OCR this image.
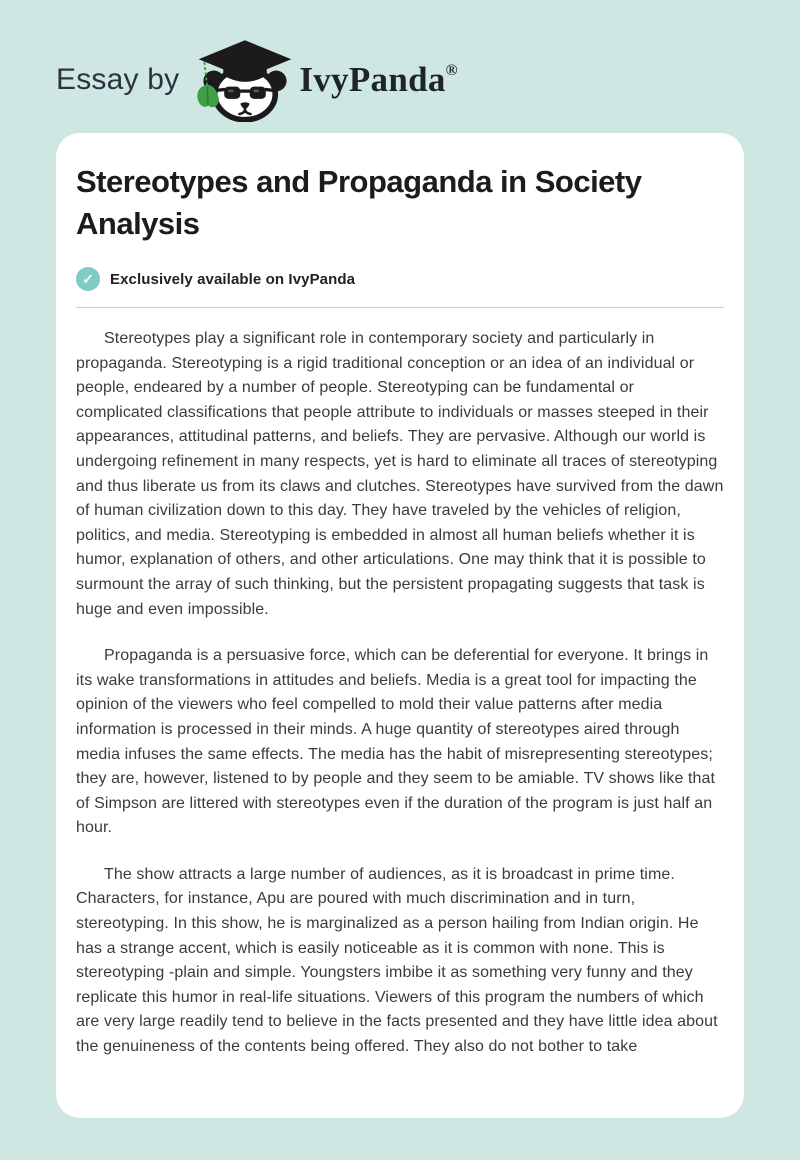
Essay by	IvyPanda®
Stereotypes and Propaganda in Society Analysis
✓	Exclusively available on IvyPanda

Stereotypes play a significant role in contemporary society and particularly in propaganda. Stereotyping is a rigid traditional conception or an idea of an individual or people, endeared by a number of people. Stereotyping can be fundamental or complicated classifications that people attribute to individuals or masses steeped in their appearances, attitudinal patterns, and beliefs. They are pervasive. Although our world is undergoing refinement in many respects, yet is hard to eliminate all traces of stereotyping and thus liberate us from its claws and clutches. Stereotypes have survived from the dawn of human civilization down to this day. They have traveled by the vehicles of religion, politics, and media. Stereotyping is embedded in almost all human beliefs whether it is humor, explanation of others, and other articulations. One may think that it is possible to surmount the array of such thinking, but the persistent propagating suggests that task is huge and even impossible.

Propaganda is a persuasive force, which can be deferential for everyone. It brings in its wake transformations in attitudes and beliefs. Media is a great tool for impacting the opinion of the viewers who feel compelled to mold their value patterns after media information is processed in their minds. A huge quantity of stereotypes aired through media infuses the same effects. The media has the habit of misrepresenting stereotypes; they are, however, listened to by people and they seem to be amiable. TV shows like that of Simpson are littered with stereotypes even if the duration of the program is just half an hour.

The show attracts a large number of audiences, as it is broadcast in prime time. Characters, for instance, Apu are poured with much discrimination and in turn, stereotyping. In this show, he is marginalized as a person hailing from Indian origin. He has a strange accent, which is easily noticeable as it is common with none. This is stereotyping -plain and simple. Youngsters imbibe it as something very funny and they replicate this humor in real-life situations. Viewers of this program the numbers of which are very large readily tend to believe in the facts presented and they have little idea about the genuineness of the contents being offered. They also do not bother to take
